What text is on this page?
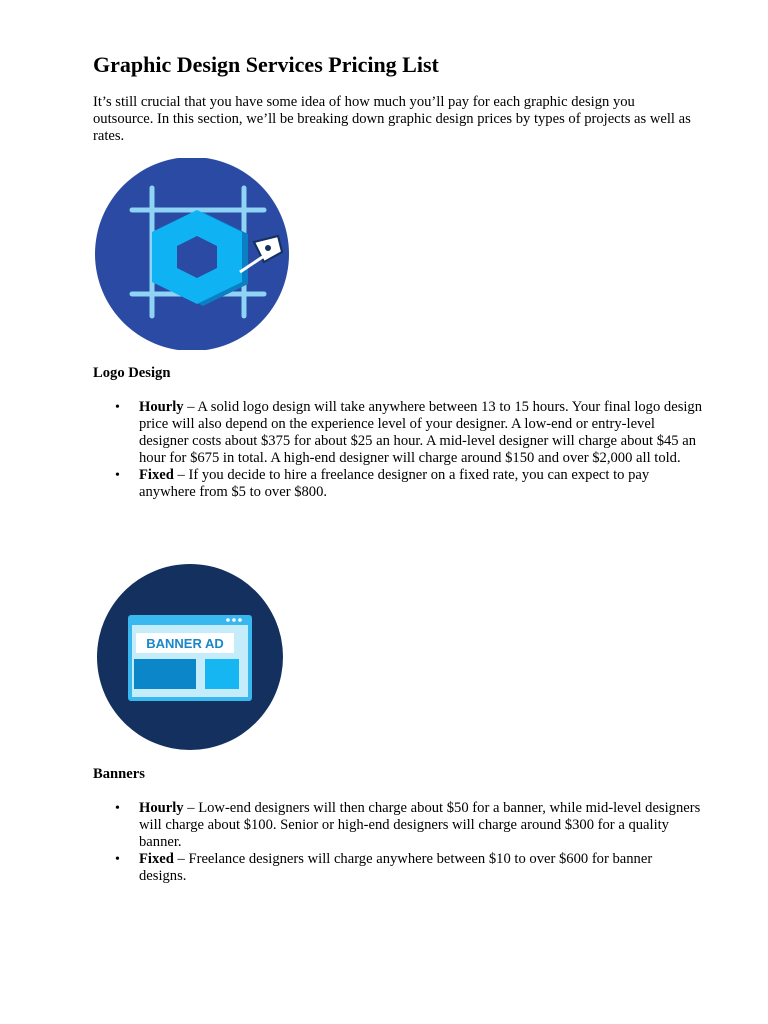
Graphic Design Services Pricing List

It’s still crucial that you have some idea of how much you’ll pay for each graphic design you outsource. In this section, we’ll be breaking down graphic design prices by types of projects as well as rates.

Logo Design
• Hourly – A solid logo design will take anywhere between 13 to 15 hours. Your final logo design price will also depend on the experience level of your designer. A low-end or entry-level designer costs about $375 for about $25 an hour. A mid-level designer will charge about $45 an hour for $675 in total. A high-end designer will charge around $150 and over $2,000 all told.
• Fixed – If you decide to hire a freelance designer on a fixed rate, you can expect to pay anywhere from $5 to over $800.
BANNER AD
Banners
• Hourly – Low-end designers will then charge about $50 for a banner, while mid-level designers will charge about $100. Senior or high-end designers will charge around $300 for a quality banner.
• Fixed – Freelance designers will charge anywhere between $10 to over $600 for banner designs.
